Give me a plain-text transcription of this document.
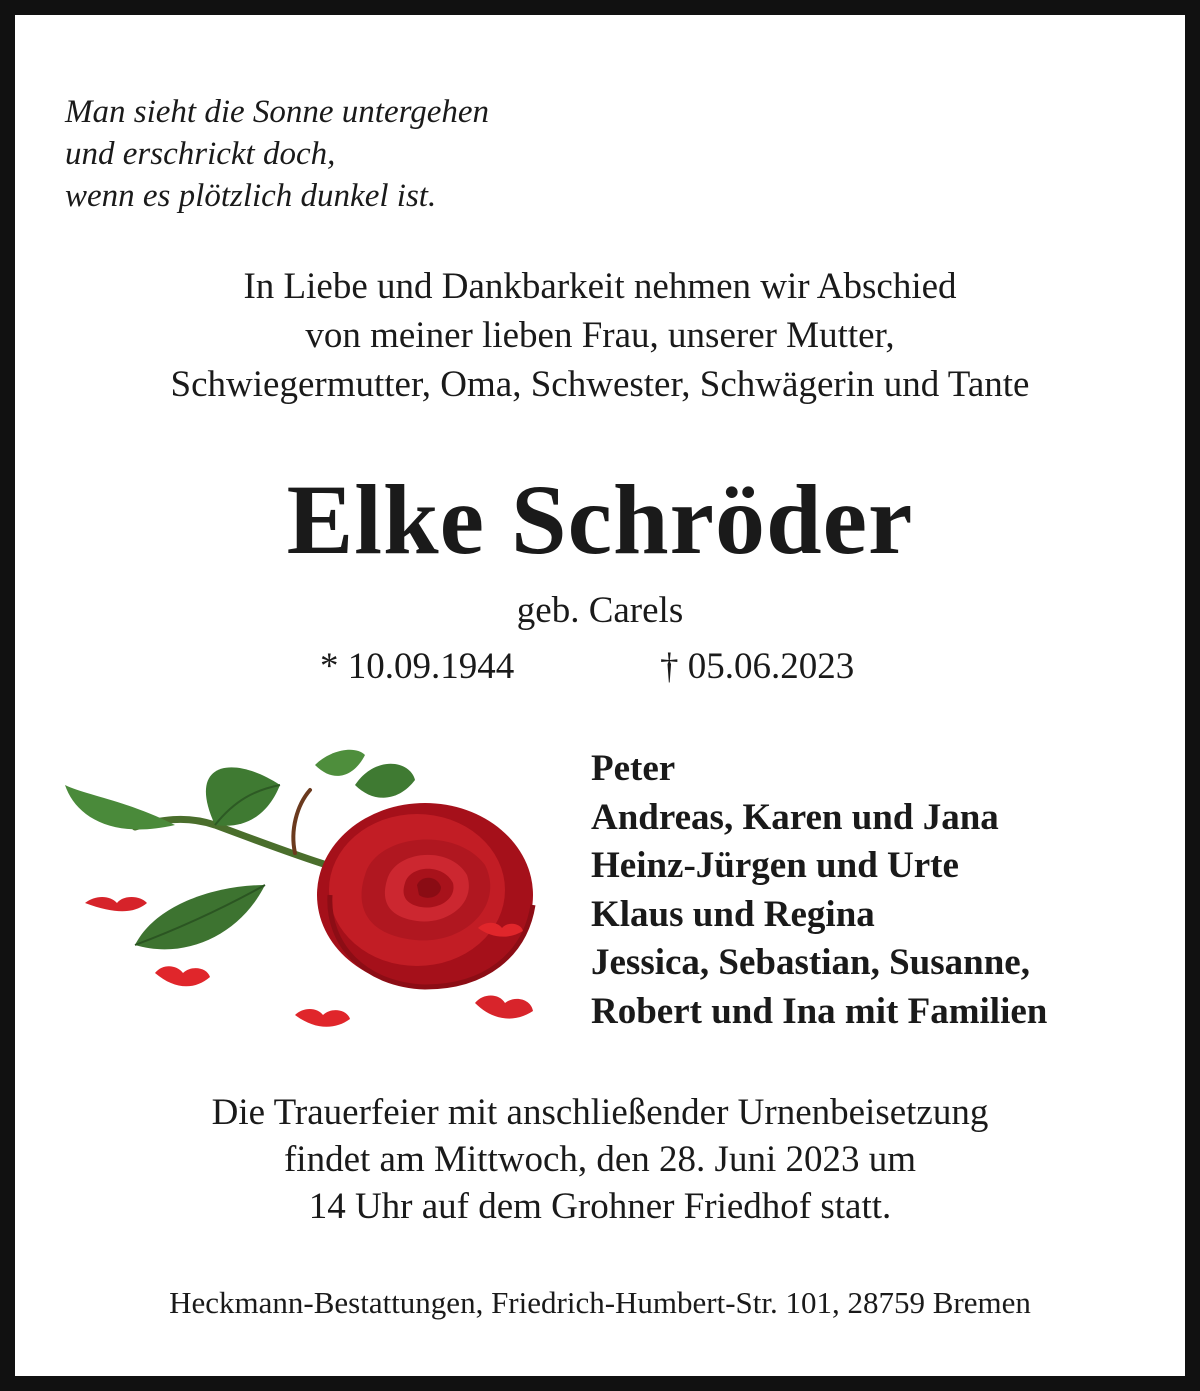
Man sieht die Sonne untergehen
und erschrickt doch,
wenn es plötzlich dunkel ist.
In Liebe und Dankbarkeit nehmen wir Abschied
von meiner lieben Frau, unserer Mutter,
Schwiegermutter, Oma, Schwester, Schwägerin und Tante
Elke Schröder
geb. Carels
* 10.09.1944	† 05.06.2023
Peter
Andreas, Karen und Jana
Heinz-Jürgen und Urte
Klaus und Regina
Jessica, Sebastian, Susanne,
Robert und Ina mit Familien
Die Trauerfeier mit anschließender Urnenbeisetzung
findet am Mittwoch, den 28. Juni 2023 um
14 Uhr auf dem Grohner Friedhof statt.
Heckmann-Bestattungen, Friedrich-Humbert-Str. 101, 28759 Bremen
